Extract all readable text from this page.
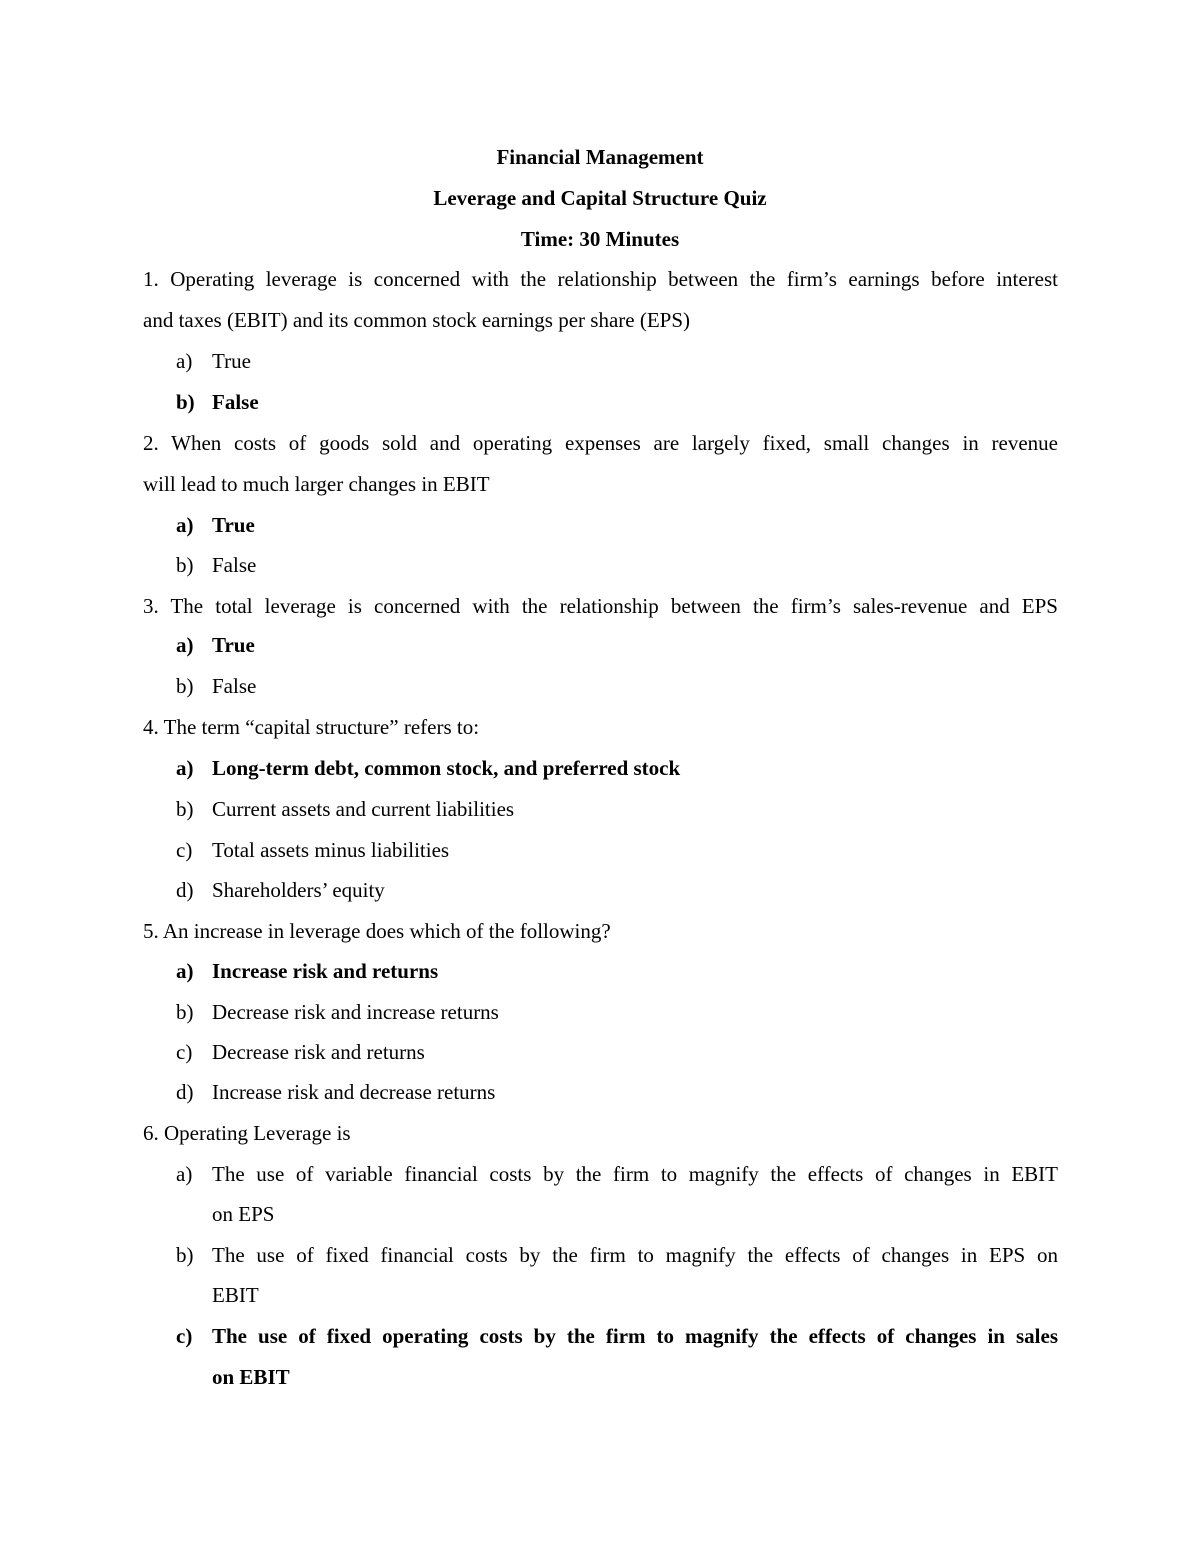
Financial Management
Leverage and Capital Structure Quiz
Time: 30 Minutes
1. Operating leverage is concerned with the relationship between the firm’s earnings before interest
and taxes (EBIT) and its common stock earnings per share (EPS)
a) True
b) False
2. When costs of goods sold and operating expenses are largely fixed, small changes in revenue
will lead to much larger changes in EBIT
a) True
b) False
3. The total leverage is concerned with the relationship between the firm’s sales-revenue and EPS
a) True
b) False
4. The term “capital structure” refers to:
a) Long-term debt, common stock, and preferred stock
b) Current assets and current liabilities
c) Total assets minus liabilities
d) Shareholders’ equity
5. An increase in leverage does which of the following?
a) Increase risk and returns
b) Decrease risk and increase returns
c) Decrease risk and returns
d) Increase risk and decrease returns
6. Operating Leverage is
a) The use of variable financial costs by the firm to magnify the effects of changes in EBIT
on EPS
b) The use of fixed financial costs by the firm to magnify the effects of changes in EPS on
EBIT
c) The use of fixed operating costs by the firm to magnify the effects of changes in sales
on EBIT
